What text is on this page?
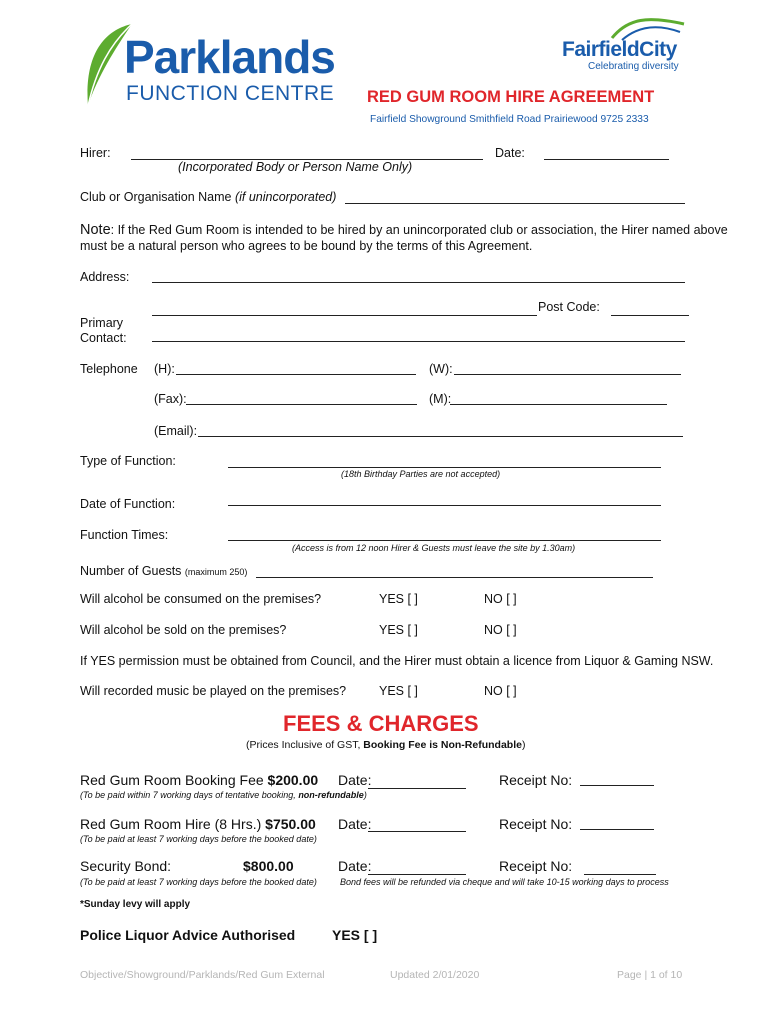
Parklands
FUNCTION CENTRE
FairfieldCity
Celebrating diversity
RED GUM ROOM HIRE AGREEMENT
Fairfield Showground Smithfield Road Prairiewood 9725 2333
Hirer:
(Incorporated Body or Person Name Only)
Date:
Club or Organisation Name (if unincorporated)
Note: If the Red Gum Room is intended to be hired by an unincorporated club or association, the Hirer named above
must be a natural person who agrees to be bound by the terms of this Agreement.
Address:
Post Code:
Primary
Contact:
Telephone (H):	(W):
(Fax):	(M):
(Email):
Type of Function:
(18th Birthday Parties are not accepted)
Date of Function:
Function Times:
(Access is from 12 noon Hirer & Guests must leave the site by 1.30am)
Number of Guests (maximum 250)
Will alcohol be consumed on the premises?	YES [ ]	NO [ ]
Will alcohol be sold on the premises?	YES [ ]	NO [ ]
If YES permission must be obtained from Council, and the Hirer must obtain a licence from Liquor & Gaming NSW.
Will recorded music be played on the premises?	YES [ ]	NO [ ]
FEES & CHARGES
(Prices Inclusive of GST, Booking Fee is Non-Refundable)
Red Gum Room Booking Fee $200.00
(To be paid within 7 working days of tentative booking, non-refundable)
Date:	Receipt No:
Red Gum Room Hire (8 Hrs.) $750.00
(To be paid at least 7 working days before the booked date)
Date:	Receipt No:
Security Bond:	$800.00
(To be paid at least 7 working days before the booked date)
Date:	Receipt No:
Bond fees will be refunded via cheque and will take 10-15 working days to process
*Sunday levy will apply
Police Liquor Advice Authorised	YES [ ]
Objective/Showground/Parklands/Red Gum External	Updated 2/01/2020	Page | 1 of 10
